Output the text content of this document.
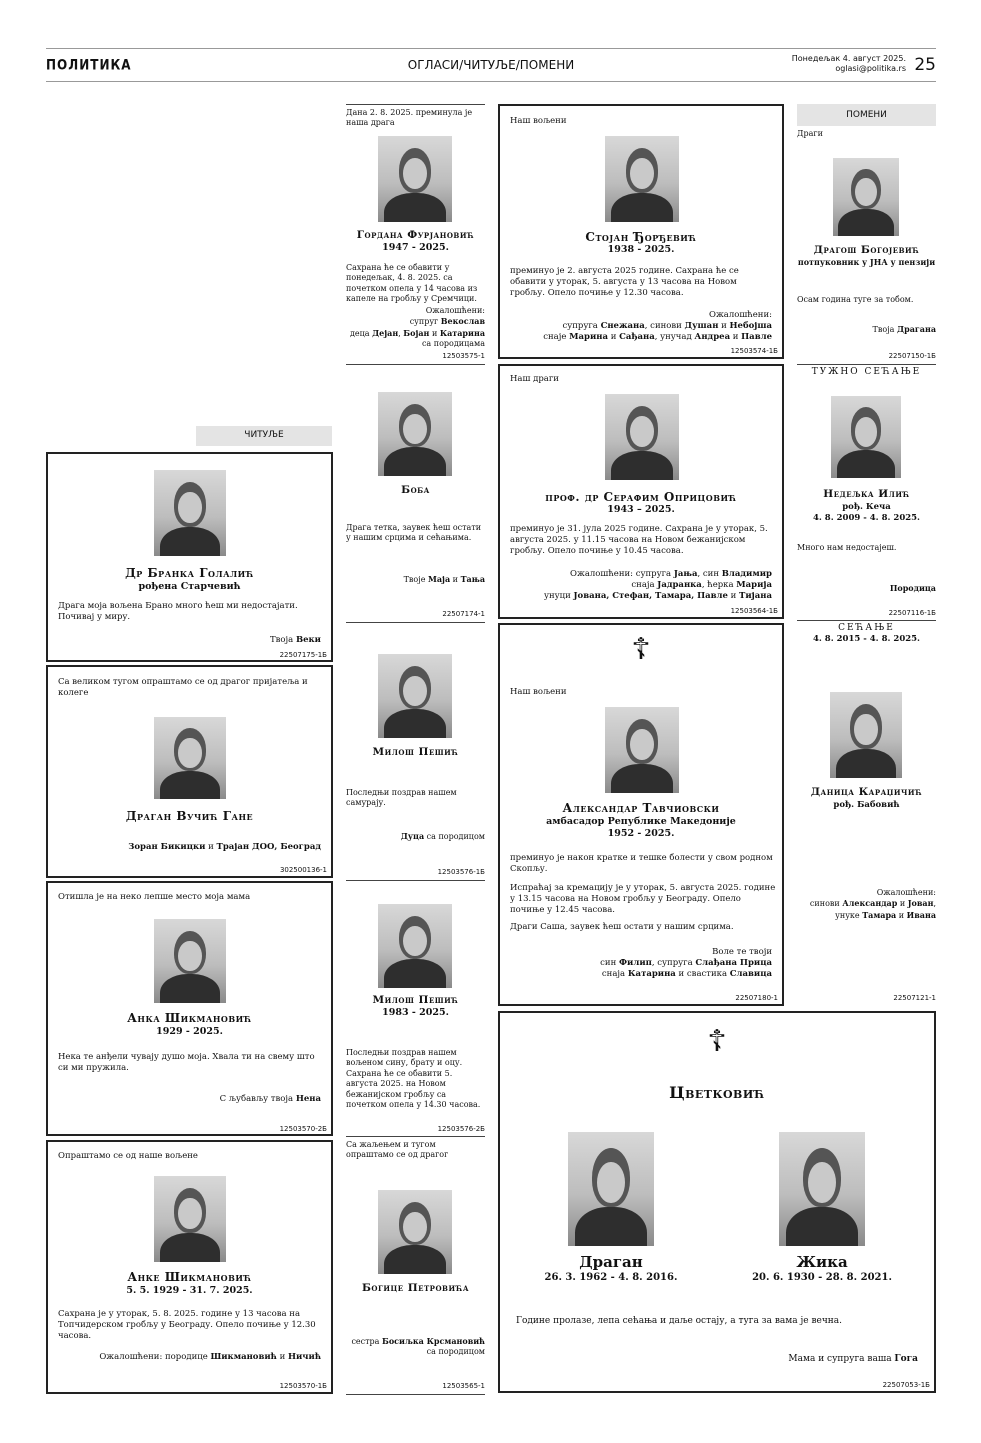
ПОЛИТИКА	ОГЛАСИ/ЧИТУЉЕ/ПОМЕНИ	Понедељак 4. август 2025.
oglasi@politika.rs 25
ЧИТУЉЕ
Др Бранка Голалић
рођена Старчевић
Драга моја вољена Брано много ћеш ми недостајати. Почивај у миру.
Твоја Веки
22507175-1Б
Са великом тугом опраштамо се од драгог пријатеља и колеге
Драган Вучић Гане
Зоран Бикицки и Трајан ДОО, Београд
302500136-1
Отишла је на неко лепше место моја мама
Анка Шикмановић
1929 - 2025.
Нека те анђели чувају душо моја. Хвала ти на свему што си ми пружила.
С љубављу твоја Нена
12503570-2Б
Опраштамо се од наше вољене
Анке Шикмановић
5. 5. 1929 - 31. 7. 2025.
Сахрана је у уторак, 5. 8. 2025. године у 13 часова на Топчидерском гробљу у Београду. Опело почиње у 12.30 часова.
Ожалошћени: породице Шикмановић и Ничић
12503570-1Б
Дана 2. 8. 2025. преминула је наша драга
Гордана Фурјановић
1947 - 2025.
Сахрана ће се обавити у понедељак, 4. 8. 2025. са почетком опела у 14 часова из капеле на гробљу у Сремчици.
Ожалошћени:
супруг Векослав
деца Дејан, Бојан и Катарина
са породицама
12503575-1
Боба
Драга тетка, заувек ћеш остати у нашим срцима и сећањима.
Твоје Маја и Тања
22507174-1
Милош Пешић
Последњи поздрав нашем самурају.
Дуца са породицом
12503576-1Б
Милош Пешић
1983 - 2025.
Последњи поздрав нашем вољеном сину, брату и оцу. Сахрана ће се обавити 5. августа 2025. на Новом бежанијском гробљу са почетком опела у 14.30 часова.
12503576-2Б
Са жаљењем и тугом опраштамо се од драгог
Богице Петровића
сестра Босиљка Крсмановић
са породицом
12503565-1
Наш вољени
Стојан Ђорђевић
1938 - 2025.
преминуо је 2. августа 2025 године. Сахрана ће се обавити у уторак, 5. августа у 13 часова на Новом гробљу. Опело почиње у 12.30 часова.
Ожалошћени:
супруга Снежана, синови Душан и Небојша
снаје Марина и Сађана, унучад Андреа и Павле
12503574-1Б
Наш драги
проф. др Серафим Оприцовић
1943 – 2025.
преминуо је 31. јула 2025 године. Сахрана је у уторак, 5. августа 2025. у 11.15 часова на Новом бежанијском гробљу. Опело почиње у 10.45 часова.
Ожалошћени: супруга Јања, син Владимир
снаја Јадранка, ћерка Марија
унуци Јована, Стефан, Тамара, Павле и Тијана
12503564-1Б
☦
Наш вољени
Александар Тавчиовски
амбасадор Републике Македоније
1952 - 2025.
преминуо је након кратке и тешке болести у свом родном Скопљу.
Испраћај за кремацију је у уторак, 5. августа 2025. године у 13.15 часова на Новом гробљу у Београду. Опело почиње у 12.45 часова.
Драги Саша, заувек ћеш остати у нашим срцима.
Воле те твоји
син Филип, супруга Слађана Прица
снаја Катарина и свастика Славица
22507180-1
☦
Цветковић
Драган
26. 3. 1962 - 4. 8. 2016.
Жика
20. 6. 1930 - 28. 8. 2021.
Године пролазе, лепа сећања и даље остају, а туга за вама је вечна.
Мама и супруга ваша Гога
22507053-1Б
ПОМЕНИ
Драги
Драгош Богојевић
потпуковник у ЈНА у пензији
Осам година туге за тобом.
Твоја Драгана
22507150-1Б
ТУЖНО СЕЋАЊЕ
Недељка Илић
рођ. Кеча
4. 8. 2009 - 4. 8. 2025.
Много нам недостајеш.
Породица
22507116-1Б
СЕЋАЊЕ
4. 8. 2015 - 4. 8. 2025.
Даница Караџичић
рођ. Бабовић
Ожалошћени:
синови Александар и Јован,
унуке Тамара и Ивана
22507121-1
